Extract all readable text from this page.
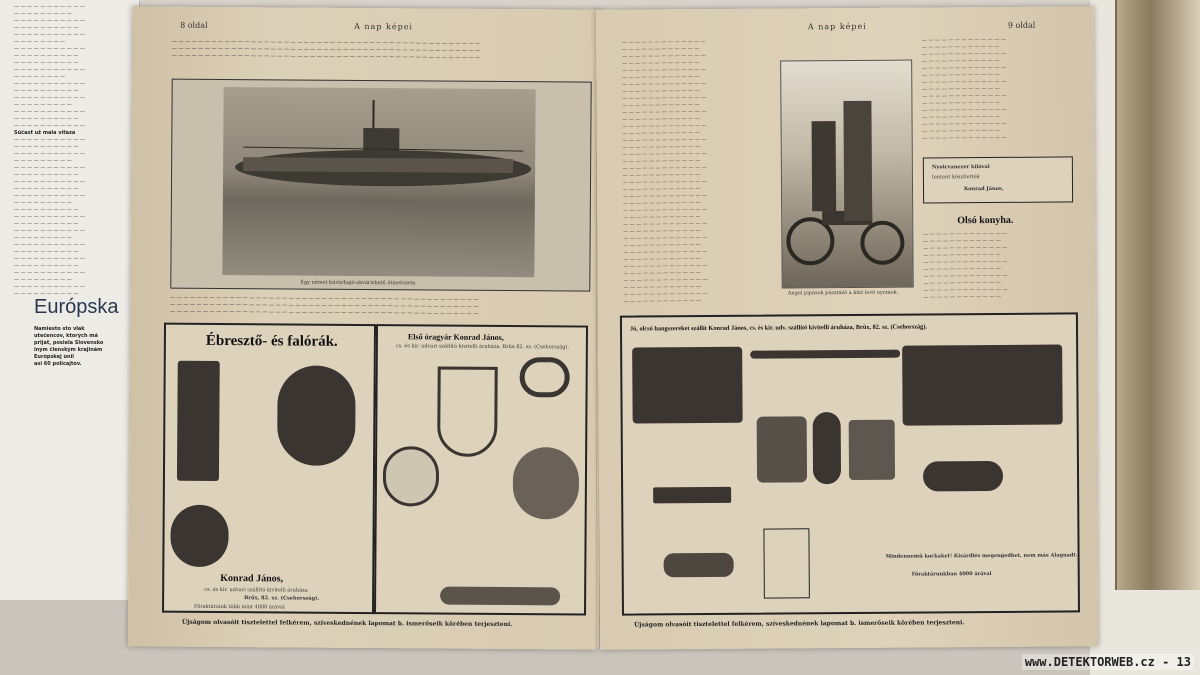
— — — — — — — — — — —
— — — — — — — — —
— — — — — — — — — — —
— — — — — — — — — —
— — — — — — — — — — —
— — — — — — — —
— — — — — — — — — — —
— — — — — — — — — —
— — — — — — — — — —
— — — — — — — — — — —
— — — — — — — —
— — — — — — — — — — —
— — — — — — — — — —
— — — — — — — — — — —
— — — — — — — — —
— — — — — — — — — — —
— — — — — — — — — —
— — — — — — — — — — —
Súčasť už mala víťaza
— — — — — — — — — — —
— — — — — — — — — —
— — — — — — — — — — —
— — — — — — — — —
— — — — — — — — — — —
— — — — — — — — — —
— — — — — — — — — — —
— — — — — — — — — —
— — — — — — — — — — —
— — — — — — — — —
— — — — — — — — — —
— — — — — — — — — — —
— — — — — — — — — —
— — — — — — — — — — —
— — — — — — — — —
— — — — — — — — — — —
— — — — — — — — — —
— — — — — — — — — — —
— — — — — — — — — —
— — — — — — — — — — —
— — — — — — — — —
— — — — — — — — — — —
— — — — — — — — — —
Európska
Namiesto sto vlak
utečencov, ktorých má
prijať, posiela Slovensko
iným členským krajinám
Európskej únii
asi 60 policajtov.
8 oldal	A nap képei
— — — — — — — — — — — — — — — — — — — — — — — — — — — — — — — — — — — — — — — — — — — — — — —
— — — — — — — — — — — — — — — — — — — — — — — — — — — — — — — — — — — — — — — — — — — — — — —
— — — — — — — — — — — — — — — — — — — — — — — — — — — — — — — — — — — — — — — — — — — — — — —
Egy német búvárhajó-akvárisbetű átmetszete.
— — — — — — — — — — — — — — — — — — — — — — — — — — — — — — — — — — — — — — — — — — — — — — —
— — — — — — — — — — — — — — — — — — — — — — — — — — — — — — — — — — — — — — — — — — — — — — —
— — — — — — — — — — — — — — — — — — — — — — — — — — — — — — — — — — — — — — — — — — — — — — —
Ébresztő- és falórák.
Konrad János,
cs. és kir. udvari szállító kivitelli áruháza
Brüx, 82. sz. (Csehország).
Főraktáraink több mint 4000 árával
Első óragyár Konrad János,
cs. és kir. udvari szállító kivitelli áruháza, Brüx 82. sz. (Csehország).
Újságom olvasóit tisztelettel felkérem, szíveskednének lapomat b. ismerőseik körében terjeszteni.
A nap képei	9 oldal
— — — — — — — — — — — — —
— — — — — — — — — — — —
— — — — — — — — — — — — —
— — — — — — — — — — — —
— — — — — — — — — — — — —
— — — — — — — — — — — —
— — — — — — — — — — — — —
— — — — — — — — — — — —
— — — — — — — — — — — — —
— — — — — — — — — — — —
— — — — — — — — — — — — —
— — — — — — — — — — — —
— — — — — — — — — — — — —
— — — — — — — — — — — —
— — — — — — — — — — — — —
— — — — — — — — — — — —
— — — — — — — — — — — — —
— — — — — — — — — — — —
— — — — — — — — — — — — —
— — — — — — — — — — — —
— — — — — — — — — — — — —
— — — — — — — — — — — —
— — — — — — — — — — — — —
— — — — — — — — — — — —
— — — — — — — — — — — — —
— — — — — — — — — — — —
— — — — — — — — — — — — —
— — — — — — — — — — — —
— — — — — — — — — — — — —
— — — — — — — — — — — —
— — — — — — — — — — — — —
— — — — — — — — — — — —
— — — — — — — — — — — — —
— — — — — — — — — — — —
— — — — — — — — — — — — —
— — — — — — — — — — — —
— — — — — — — — — — — — —
— — — — — — — — — — — —
Angol pipások pásztázó a kint levő nyomok.
— — — — — — — — — — — — —
— — — — — — — — — — — —
— — — — — — — — — — — — —
— — — — — — — — — — — —
— — — — — — — — — — — — —
— — — — — — — — — — — —
— — — — — — — — — — — — —
— — — — — — — — — — — —
— — — — — — — — — — — — —
— — — — — — — — — — — —
— — — — — — — — — — — — —
— — — — — — — — — — — —
— — — — — — — — — — — — —
— — — — — — — — — — — —
— — — — — — — — — — — — —
Nyolcvanezer kilóval
tentent készítették
Konrad János,
Olsó konyha.
— — — — — — — — — — — — —
— — — — — — — — — — — —
— — — — — — — — — — — — —
— — — — — — — — — — — —
— — — — — — — — — — — — —
— — — — — — — — — — — —
— — — — — — — — — — — — —
— — — — — — — — — — — —
— — — — — — — — — — — — —
— — — — — — — — — — — —
Jó, olcsó hangszereket szállít Konrad János, cs. és kir. udv. szállító kivitelli áruháza, Brüx, 82. sz. (Csehország).
Mindennemű kockaket! Kisárdlés megengedhet, nem más Alagnadt.
Főraktárunkban 4000 árával
Újságom olvasóit tisztelettel felkérem, szíveskednének lapomat b. ismerőseik körében terjeszteni.
www.DETEKTORWEB.cz - 13
